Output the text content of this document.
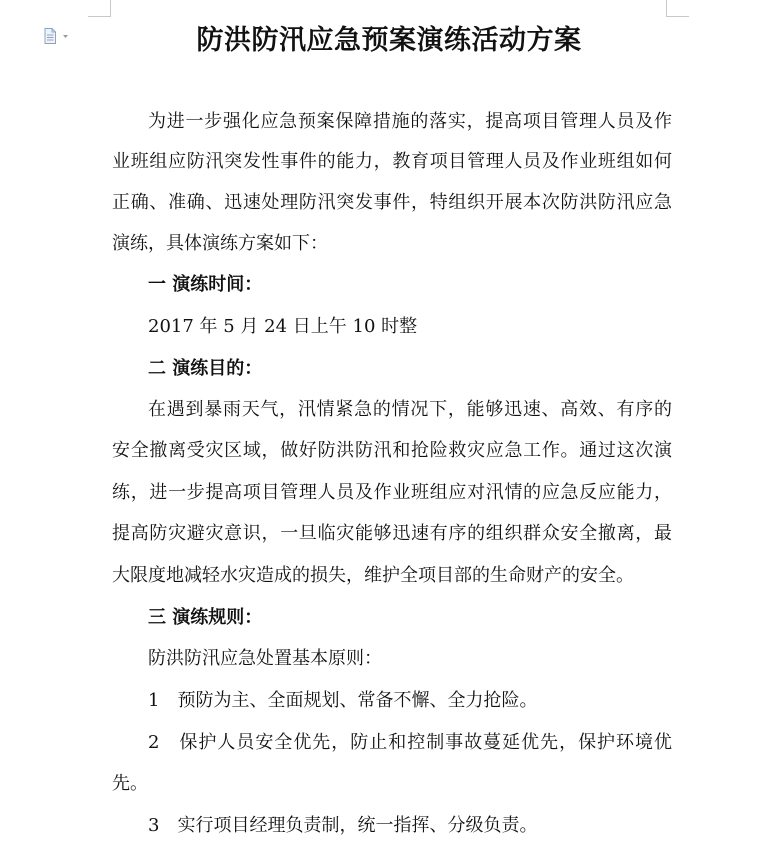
防洪防汛应急预案演练活动方案
为进一步强化应急预案保障措施的落实，提高项目管理人员及作
业班组应防汛突发性事件的能力，教育项目管理人员及作业班组如何
正确、准确、迅速处理防汛突发事件，特组织开展本次防洪防汛应急
演练，具体演练方案如下：
一 演练时间：
2017 年 5 月 24 日上午 10 时整
二 演练目的：
在遇到暴雨天气，汛情紧急的情况下，能够迅速、高效、有序的
安全撤离受灾区域，做好防洪防汛和抢险救灾应急工作。通过这次演
练，进一步提高项目管理人员及作业班组应对汛情的应急反应能力，
提高防灾避灾意识，一旦临灾能够迅速有序的组织群众安全撤离，最
大限度地减轻水灾造成的损失，维护全项目部的生命财产的安全。
三 演练规则：
防洪防汛应急处置基本原则：
1　预防为主、全面规划、常备不懈、全力抢险。
2　保护人员安全优先，防止和控制事故蔓延优先，保护环境优
先。
3　实行项目经理负责制，统一指挥、分级负责。
